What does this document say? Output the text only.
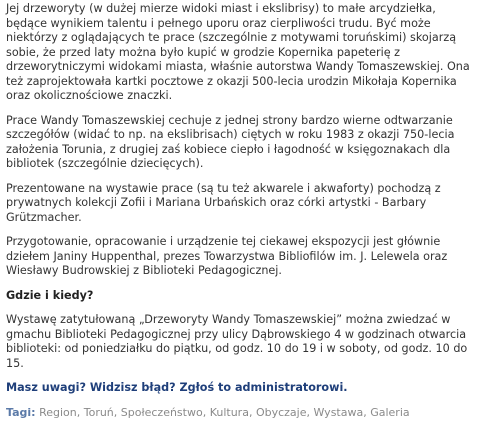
Jej drzeworyty (w dużej mierze widoki miast i ekslibrisy) to małe arcydziełka, będące wynikiem talentu i pełnego uporu oraz cierpliwości trudu. Być może niektórzy z oglądających te prace (szczególnie z motywami toruńskimi) skojarzą sobie, że przed laty można było kupić w grodzie Kopernika papeterię z drzeworytniczymi widokami miasta, właśnie autorstwa Wandy Tomaszewskiej. Ona też zaprojektowała kartki pocztowe z okazji 500-lecia urodzin Mikołaja Kopernika oraz okolicznościowe znaczki.

Prace Wandy Tomaszewskiej cechuje z jednej strony bardzo wierne odtwarzanie szczegółów (widać to np. na ekslibrisach) ciętych w roku 1983 z okazji 750-lecia założenia Torunia, z drugiej zaś kobiece ciepło i łagodność w księgoznakach dla bibliotek (szczególnie dziecięcych).

Prezentowane na wystawie prace (są tu też akwarele i akwaforty) pochodzą z prywatnych kolekcji Zofii i Mariana Urbańskich oraz córki artystki - Barbary Grützmacher.

Przygotowanie, opracowanie i urządzenie tej ciekawej ekspozycji jest głównie dziełem Janiny Huppenthal, prezes Towarzystwa Bibliofilów im. J. Lelewela oraz Wiesławy Budrowskiej z Biblioteki Pedagogicznej.

Gdzie i kiedy?

Wystawę zatytułowaną „Drzeworyty Wandy Tomaszewskiej” można zwiedzać w gmachu Biblioteki Pedagogicznej przy ulicy Dąbrowskiego 4 w godzinach otwarcia biblioteki: od poniedziałku do piątku, od godz. 10 do 19 i w soboty, od godz. 10 do 15.

Masz uwagi? Widzisz błąd? Zgłoś to administratorowi.

Tagi: Region, Toruń, Społeczeństwo, Kultura, Obyczaje, Wystawa, Galeria
